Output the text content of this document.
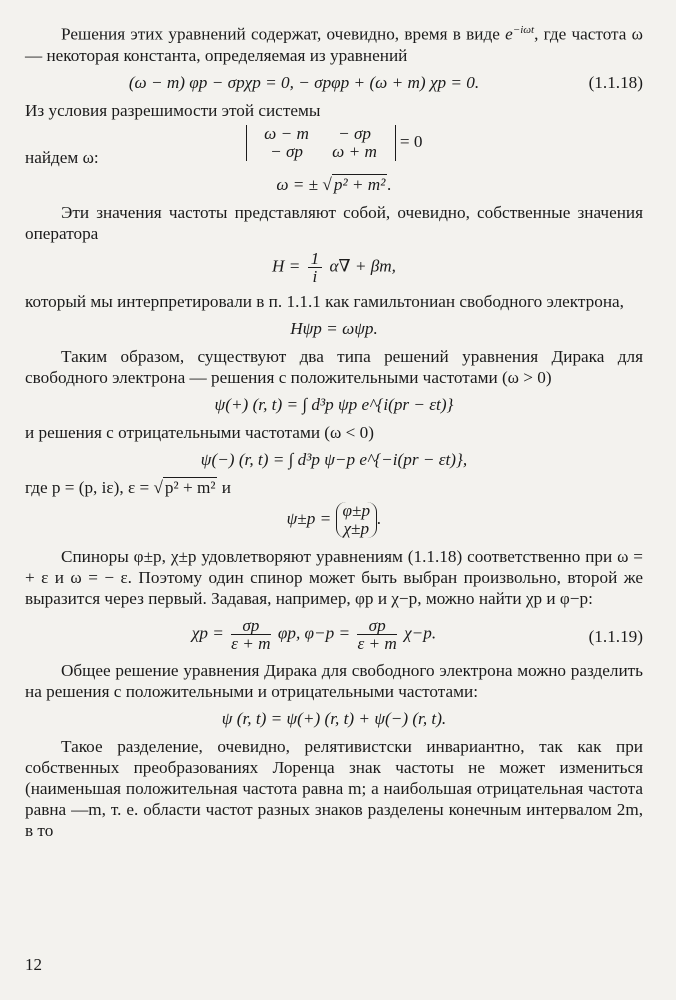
Решения этих уравнений содержат, очевидно, время в виде $e^{-i\omega t}$, где частота ω — некоторая константа, определяемая из уравнений

(ω − m) φp − σpχp = 0, − σpφp + (ω + m) χp = 0.	(1.1.18)

Из условия разрешимости этой системы

ω − m − σp
− σp ω + m
= 0

найдем ω:

ω = ± √ p² + m² .

Эти значения частоты представляют собой, очевидно, собственные значения оператора

$H = \frac{1}{i} \alpha\nabla + \beta m$,

который мы интерпретировали в п. 1.1.1 как гамильтониан свободного электрона,

Hψp = ωψp.

Таким образом, существуют два типа решений уравнения Дирака для свободного электрона — решения с положительными частотами (ω > 0)

ψ(+) (r, t) = ∫ d³p ψp e^{i(pr − εt)}

и решения с отрицательными частотами (ω < 0)

ψ(−) (r, t) = ∫ d³p ψ−p e^{−i(pr − εt)},

где p = (p, iε), ε = √ p² + m² и

ψ±p = φ±p
χ±p
.

Спиноры φ±p, χ±p удовлетворяют уравнениям (1.1.18) соответственно при ω = + ε и ω = − ε. Поэтому один спинор может быть выбран произвольно, второй же выразится через первый. Задавая, например, φp и χ−p, можно найти χp и φ−p:

$\chi p = \frac{\sigma p}{\varepsilon + m} \varphi p$, $\varphi-p = \frac{\sigma p}{\varepsilon + m} \chi-p$.	(1.1.19)

Общее решение уравнения Дирака для свободного электрона можно разделить на решения с положительными и отрицательными частотами:

ψ (r, t) = ψ(+) (r, t) + ψ(−) (r, t).

Такое разделение, очевидно, релятивистски инвариантно, так как при собственных преобразованиях Лоренца знак частоты не может измениться (наименьшая положительная частота равна m; а наибольшая отрицательная частота равна —m, т. е. области частот разных знаков разделены конечным интервалом 2m, в то

12
